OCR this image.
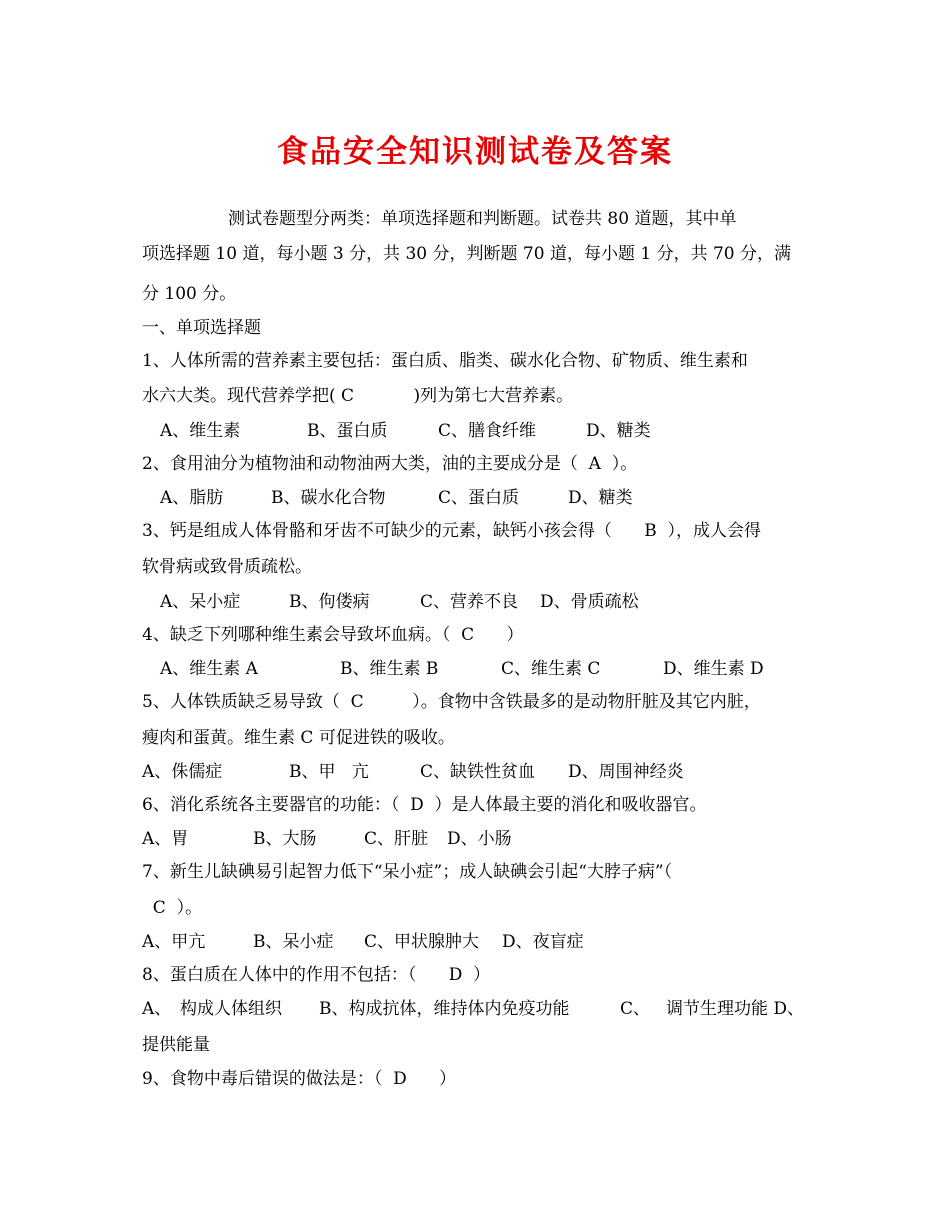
食品安全知识测试卷及答案
测试卷题型分两类：单项选择题和判断题。试卷共 80 道题，其中单
项选择题 10 道，每小题 3 分，共 30 分，判断题 70 道，每小题 1 分，共 70 分，满
分 100 分。
一、单项选择题
1、人体所需的营养素主要包括：蛋白质、脂类、碳水化合物、矿物质、维生素和
水六大类。现代营养学把( C           )列为第七大营养素。
A、维生素	B、蛋白质	C、膳食纤维	D、糖类
2、食用油分为植物油和动物油两大类，油的主要成分是（  A  ）。
A、脂肪	B、碳水化合物	C、蛋白质	D、糖类
3、钙是组成人体骨骼和牙齿不可缺少的元素，缺钙小孩会得（      B  ），成人会得
软骨病或致骨质疏松。
A、呆小症	B、佝偻病	C、营养不良 D、骨质疏松
4、缺乏下列哪种维生素会导致坏血病。（  C      ）
A、维生素 A	B、维生素 B	C、维生素 C	D、维生素 D
5、人体铁质缺乏易导致（  C         ）。食物中含铁最多的是动物肝脏及其它内脏，
瘦肉和蛋黄。维生素 C 可促进铁的吸收。
A、侏儒症	B、甲   亢	C、缺铁性贫血 D、周围神经炎
6、消化系统各主要器官的功能：（  D  ）是人体最主要的消化和吸收器官。
A、胃	B、大肠	C、肝脏 D、小肠
7、新生儿缺碘易引起智力低下“呆小症”；成人缺碘会引起“大脖子病”（
C  ）。
A、甲亢	B、呆小症 C、甲状腺肿大 D、夜盲症
8、蛋白质在人体中的作用不包括：（      D  ）
A、 构成人体组织 B、构成抗体，维持体内免疫功能	C、 调节生理功能 D、
提供能量
9、食物中毒后错误的做法是：（  D      ）
